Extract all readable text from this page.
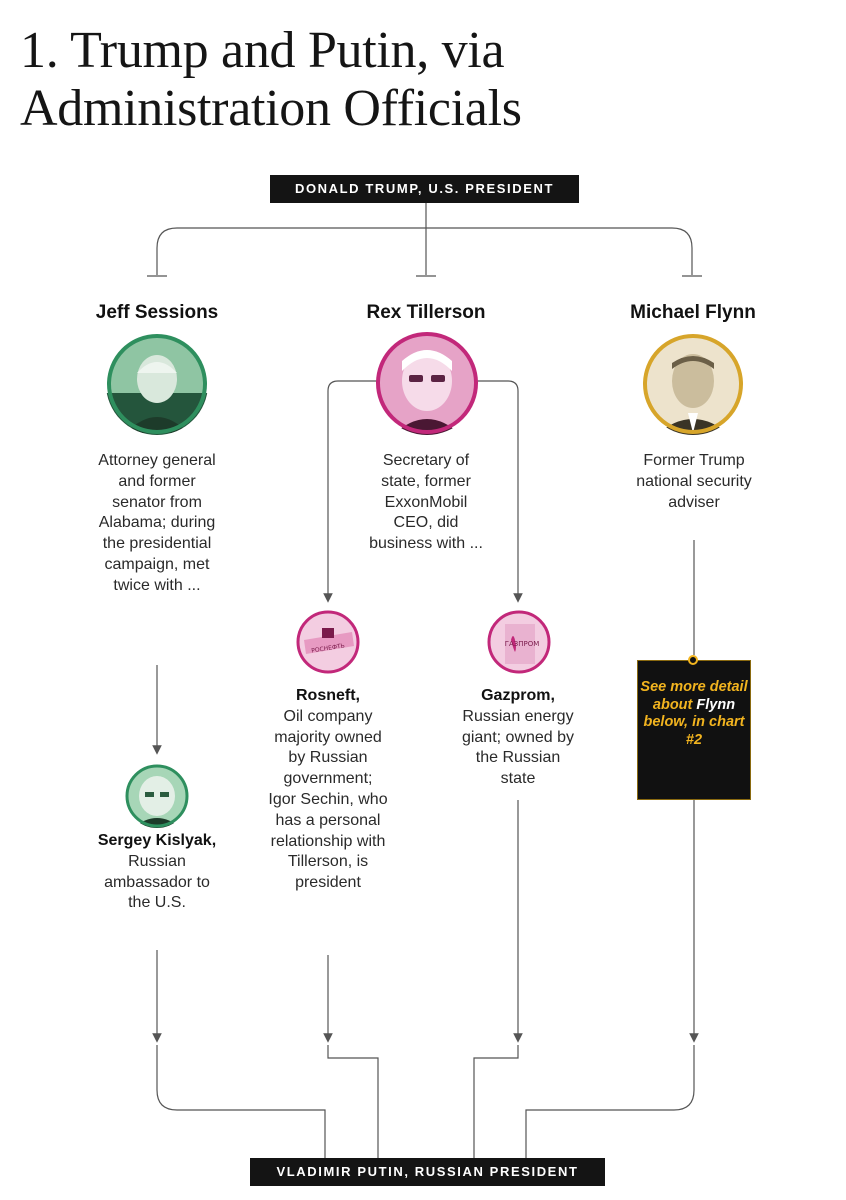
1. Trump and Putin, via Administration Officials
DONALD TRUMP, U.S. PRESIDENT
VLADIMIR PUTIN, RUSSIAN PRESIDENT
Jeff Sessions	Rex Tillerson	Michael Flynn
Attorney general and former senator from Alabama; during the presidential campaign, met twice with ...
Secretary of state, former ExxonMobil CEO, did business with ...
Former Trump national security adviser
РОСНЕФТЬ	ГАЗПРОМ
Sergey Kislyak,
Russian ambassador to the U.S.
Rosneft,
Oil company majority owned by Russian government; Igor Sechin, who has a personal relationship with Tillerson, is president
Gazprom,
Russian energy giant; owned by the Russian state
See more detail about Flynn below, in chart #2
